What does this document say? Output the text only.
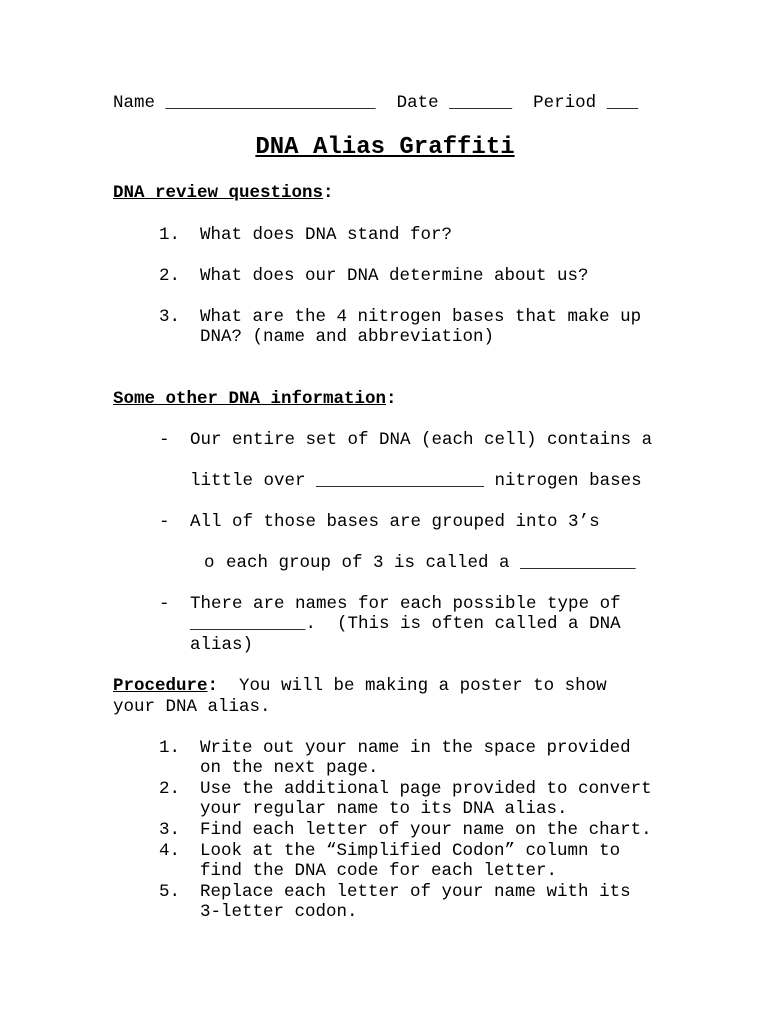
Name ____________________ Date ______ Period ___
DNA Alias Graffiti
DNA review questions:
1. What does DNA stand for?
2. What does our DNA determine about us?
3. What are the 4 nitrogen bases that make up
DNA? (name and abbreviation)
Some other DNA information:
- Our entire set of DNA (each cell) contains a
little over ________________ nitrogen bases
- All of those bases are grouped into 3’s
o each group of 3 is called a ___________
- There are names for each possible type of
___________.  (This is often called a DNA
alias)
Procedure:  You will be making a poster to show
your DNA alias.
1. Write out your name in the space provided
on the next page.
2. Use the additional page provided to convert
your regular name to its DNA alias.
3. Find each letter of your name on the chart.
4. Look at the “Simplified Codon” column to
find the DNA code for each letter.
5. Replace each letter of your name with its
3-letter codon.
